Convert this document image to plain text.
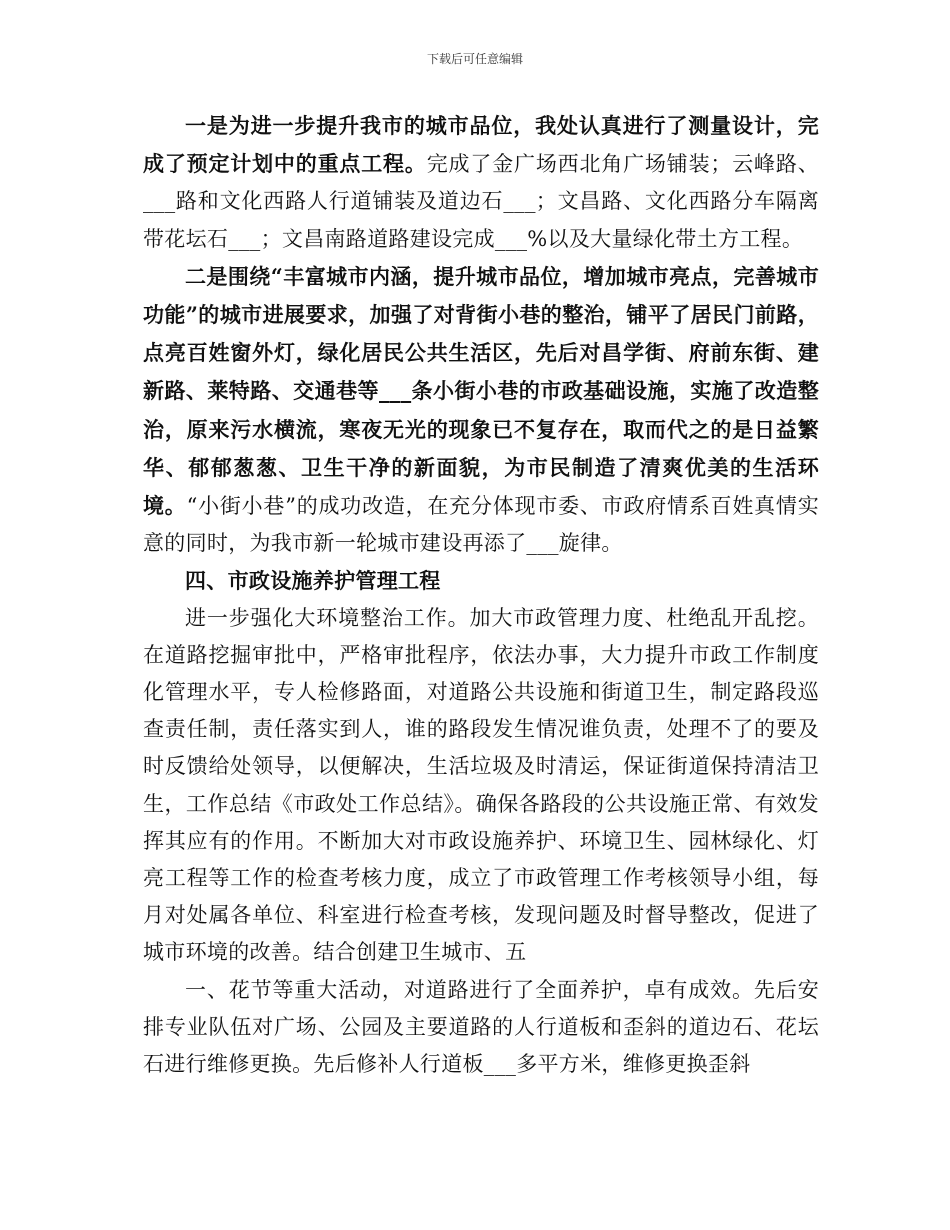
下载后可任意编辑

一是为进一步提升我市的城市品位，我处认真进行了测量设计，完成了预定计划中的重点工程。完成了金广场西北角广场铺装；云峰路、___路和文化西路人行道铺装及道边石___；文昌路、文化西路分车隔离带花坛石___；文昌南路道路建设完成___%以及大量绿化带土方工程。

二是围绕“丰富城市内涵，提升城市品位，增加城市亮点，完善城市功能”的城市进展要求，加强了对背街小巷的整治，铺平了居民门前路，点亮百姓窗外灯，绿化居民公共生活区，先后对昌学街、府前东街、建新路、莱特路、交通巷等___条小街小巷的市政基础设施，实施了改造整治，原来污水横流，寒夜无光的现象已不复存在，取而代之的是日益繁华、郁郁葱葱、卫生干净的新面貌，为市民制造了清爽优美的生活环境。“小街小巷”的成功改造，在充分体现市委、市政府情系百姓真情实意的同时，为我市新一轮城市建设再添了___旋律。

四、市政设施养护管理工程

进一步强化大环境整治工作。加大市政管理力度、杜绝乱开乱挖。在道路挖掘审批中，严格审批程序，依法办事，大力提升市政工作制度化管理水平，专人检修路面，对道路公共设施和街道卫生，制定路段巡查责任制，责任落实到人，谁的路段发生情况谁负责，处理不了的要及时反馈给处领导，以便解决，生活垃圾及时清运，保证街道保持清洁卫生，工作总结《市政处工作总结》。确保各路段的公共设施正常、有效发挥其应有的作用。不断加大对市政设施养护、环境卫生、园林绿化、灯亮工程等工作的检查考核力度，成立了市政管理工作考核领导小组，每月对处属各单位、科室进行检查考核，发现问题及时督导整改，促进了城市环境的改善。结合创建卫生城市、五

一、花节等重大活动，对道路进行了全面养护，卓有成效。先后安排专业队伍对广场、公园及主要道路的人行道板和歪斜的道边石、花坛石进行维修更换。先后修补人行道板___多平方米，维修更换歪斜
